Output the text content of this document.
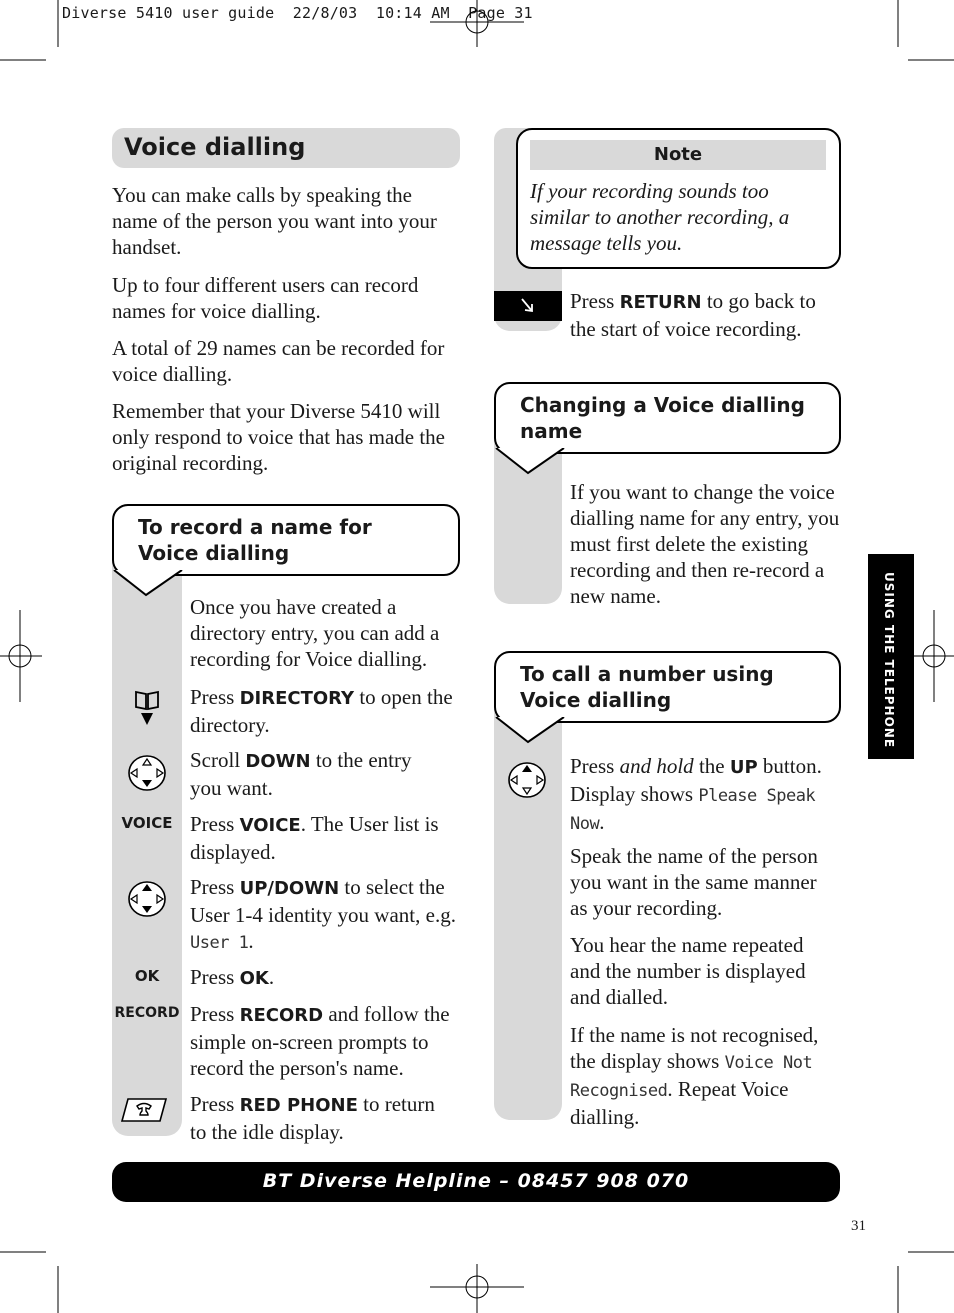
Diverse 5410 user guide  22/8/03  10:14 AM  Page 31
Voice dialling
You can make calls by speaking the name of the person you want into your handset.
Up to four different users can record names for voice dialling.
A total of 29 names can be recorded for voice dialling.
Remember that your Diverse 5410 will only respond to voice that has made the original recording.
To record a name for
Voice dialling
Once you have created a directory entry, you can add a recording for Voice dialling.
Press DIRECTORY to open the directory.
Scroll DOWN to the entry you want.
VOICE Press VOICE. The User list is displayed.
Press UP/DOWN to select the User 1-4 identity you want, e.g. User 1.
OK	Press OK.
RECORD Press RECORD and follow the simple on-screen prompts to record the person's name.
Press RED PHONE to return to the idle display.
Note
If your recording sounds too similar to another recording, a message tells you.
Press RETURN to go back to the start of voice recording.
Changing a Voice dialling
name
If you want to change the voice dialling name for any entry, you must first delete the existing recording and then re-record a new name.
To call a number using
Voice dialling
Press and hold the UP button. Display shows Please Speak Now.
Speak the name of the person you want in the same manner as your recording.
You hear the name repeated and the number is displayed and dialled.
If the name is not recognised, the display shows Voice Not Recognised. Repeat Voice dialling.
USING THE TELEPHONE
BT Diverse Helpline – 08457 908 070
31
